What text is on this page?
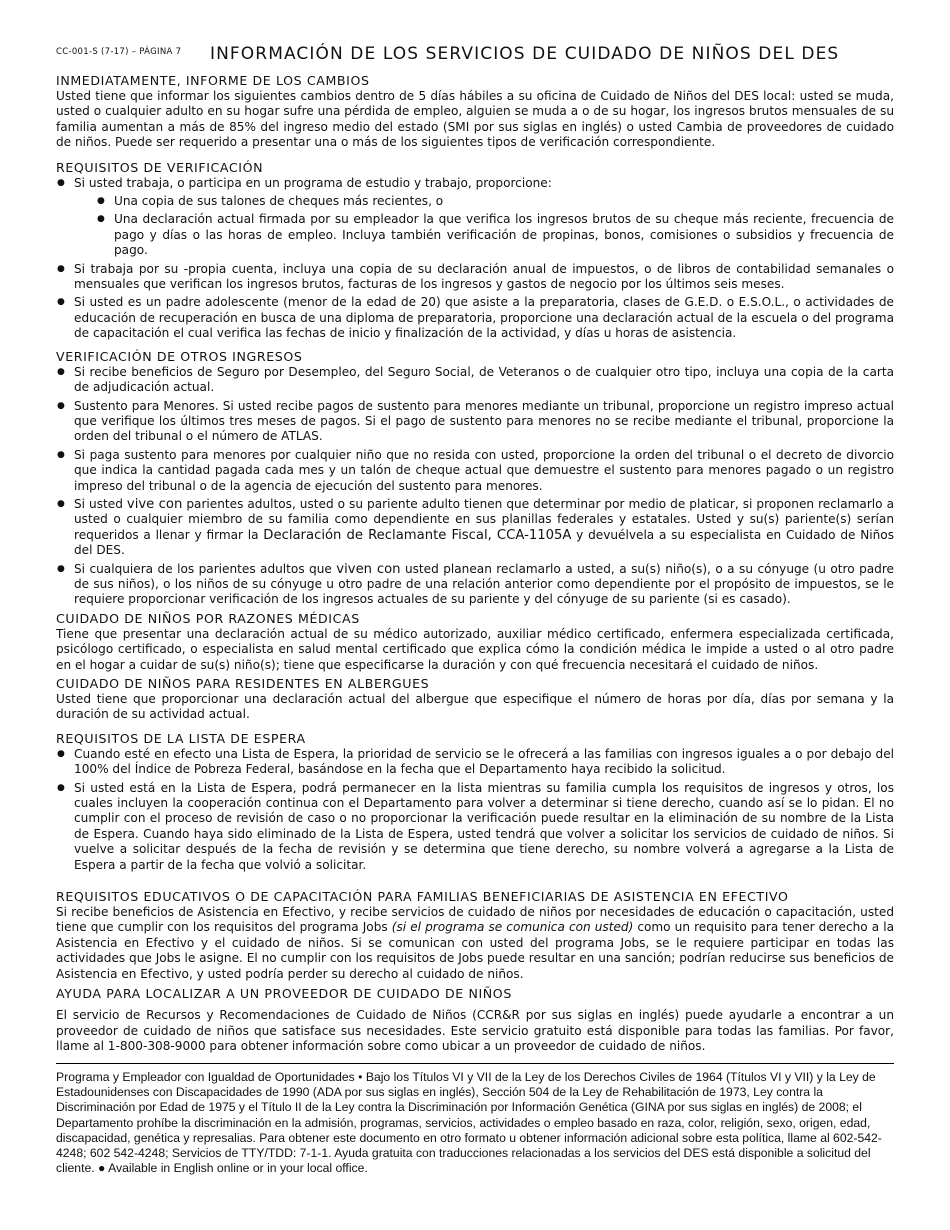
CC-001-S (7-17) – PÁGINA 7	INFORMACIÓN DE LOS SERVICIOS DE CUIDADO DE NIÑOS DEL DES
INMEDIATAMENTE, INFORME DE LOS CAMBIOS

Usted tiene que informar los siguientes cambios dentro de 5 días hábiles a su oficina de Cuidado de Niños del DES local: usted se muda, usted o cualquier adulto en su hogar sufre una pérdida de empleo, alguien se muda a o de su hogar, los ingresos brutos mensuales de su familia aumentan a más de 85% del ingreso medio del estado (SMI por sus siglas en inglés) o usted Cambia de proveedores de cuidado de niños. Puede ser requerido a presentar una o más de los siguientes tipos de verificación correspondiente.

REQUISITOS DE VERIFICACIÓN
● Si usted trabaja, o participa en un programa de estudio y trabajo, proporcione:
● Una copia de sus talones de cheques más recientes, o
● Una declaración actual firmada por su empleador la que verifica los ingresos brutos de su cheque más reciente, frecuencia de pago y días o las horas de empleo. Incluya también verificación de propinas, bonos, comisiones o subsidios y frecuencia de pago.
● Si trabaja por su -propia cuenta, incluya una copia de su declaración anual de impuestos, o de libros de contabilidad semanales o mensuales que verifican los ingresos brutos, facturas de los ingresos y gastos de negocio por los últimos seis meses.
● Si usted es un padre adolescente (menor de la edad de 20) que asiste a la preparatoria, clases de G.E.D. o E.S.O.L., o actividades de educación de recuperación en busca de una diploma de preparatoria, proporcione una declaración actual de la escuela o del programa de capacitación el cual verifica las fechas de inicio y finalización de la actividad, y días u horas de asistencia.
VERIFICACIÓN DE OTROS INGRESOS
● Si recibe beneficios de Seguro por Desempleo, del Seguro Social, de Veteranos o de cualquier otro tipo, incluya una copia de la carta de adjudicación actual.
● Sustento para Menores. Si usted recibe pagos de sustento para menores mediante un tribunal, proporcione un registro impreso actual que verifique los últimos tres meses de pagos. Si el pago de sustento para menores no se recibe mediante el tribunal, proporcione la orden del tribunal o el número de ATLAS.
● Si paga sustento para menores por cualquier niño que no resida con usted, proporcione la orden del tribunal o el decreto de divorcio que indica la cantidad pagada cada mes y un talón de cheque actual que demuestre el sustento para menores pagado o un registro impreso del tribunal o de la agencia de ejecución del sustento para menores.
● Si usted vive con parientes adultos, usted o su pariente adulto tienen que determinar por medio de platicar, si proponen reclamarlo a usted o cualquier miembro de su familia como dependiente en sus planillas federales y estatales. Usted y su(s) pariente(s) serían requeridos a llenar y firmar la Declaración de Reclamante Fiscal, CCA-1105A y devuélvela a su especialista en Cuidado de Niños del DES.
● Si cualquiera de los parientes adultos que viven con usted planean reclamarlo a usted, a su(s) niño(s), o a su cónyuge (u otro padre de sus niños), o los niños de su cónyuge u otro padre de una relación anterior como dependiente por el propósito de impuestos, se le requiere proporcionar verificación de los ingresos actuales de su pariente y del cónyuge de su pariente (si es casado).
CUIDADO DE NIÑOS POR RAZONES MÉDICAS

Tiene que presentar una declaración actual de su médico autorizado, auxiliar médico certificado, enfermera especializada certificada, psicólogo certificado, o especialista en salud mental certificado que explica cómo la condición médica le impide a usted o al otro padre en el hogar a cuidar de su(s) niño(s); tiene que especificarse la duración y con qué frecuencia necesitará el cuidado de niños.

CUIDADO DE NIÑOS PARA RESIDENTES EN ALBERGUES

Usted tiene que proporcionar una declaración actual del albergue que especifique el número de horas por día, días por semana y la duración de su actividad actual.

REQUISITOS DE LA LISTA DE ESPERA
● Cuando esté en efecto una Lista de Espera, la prioridad de servicio se le ofrecerá a las familias con ingresos iguales a o por debajo del 100% del Índice de Pobreza Federal, basándose en la fecha que el Departamento haya recibido la solicitud.
● Si usted está en la Lista de Espera, podrá permanecer en la lista mientras su familia cumpla los requisitos de ingresos y otros, los cuales incluyen la cooperación continua con el Departamento para volver a determinar si tiene derecho, cuando así se lo pidan. El no cumplir con el proceso de revisión de caso o no proporcionar la verificación puede resultar en la eliminación de su nombre de la Lista de Espera. Cuando haya sido eliminado de la Lista de Espera, usted tendrá que volver a solicitar los servicios de cuidado de niños. Si vuelve a solicitar después de la fecha de revisión y se determina que tiene derecho, su nombre volverá a agregarse a la Lista de Espera a partir de la fecha que volvió a solicitar.
REQUISITOS EDUCATIVOS O DE CAPACITACIÓN PARA FAMILIAS BENEFICIARIAS DE ASISTENCIA EN EFECTIVO

Si recibe beneficios de Asistencia en Efectivo, y recibe servicios de cuidado de niños por necesidades de educación o capacitación, usted tiene que cumplir con los requisitos del programa Jobs (si el programa se comunica con usted) como un requisito para tener derecho a la Asistencia en Efectivo y el cuidado de niños. Si se comunican con usted del programa Jobs, se le requiere participar en todas las actividades que Jobs le asigne. El no cumplir con los requisitos de Jobs puede resultar en una sanción; podrían reducirse sus beneficios de Asistencia en Efectivo, y usted podría perder su derecho al cuidado de niños.

AYUDA PARA LOCALIZAR A UN PROVEEDOR DE CUIDADO DE NIÑOS

El servicio de Recursos y Recomendaciones de Cuidado de Niños (CCR&R por sus siglas en inglés) puede ayudarle a encontrar a un proveedor de cuidado de niños que satisface sus necesidades. Este servicio gratuito está disponible para todas las familias. Por favor, llame al 1-800-308-9000 para obtener información sobre como ubicar a un proveedor de cuidado de niños.

Programa y Empleador con Igualdad de Oportunidades • Bajo los Títulos VI y VII de la Ley de los Derechos Civiles de 1964 (Títulos VI y VII) y la Ley de Estadounidenses con Discapacidades de 1990 (ADA por sus siglas en inglés), Sección 504 de la Ley de Rehabilitación de 1973, Ley contra la Discriminación por Edad de 1975 y el Título II de la Ley contra la Discriminación por Información Genética (GINA por sus siglas en inglés) de 2008; el Departamento prohíbe la discriminación en la admisión, programas, servicios, actividades o empleo basado en raza, color, religión, sexo, origen, edad, discapacidad, genética y represalias. Para obtener este documento en otro formato u obtener información adicional sobre esta política, llame al 602-542-4248; 602 542-4248; Servicios de TTY/TDD: 7-1-1. Ayuda gratuita con traducciones relacionadas a los servicios del DES está disponible a solicitud del cliente. ● Available in English online or in your local office.
